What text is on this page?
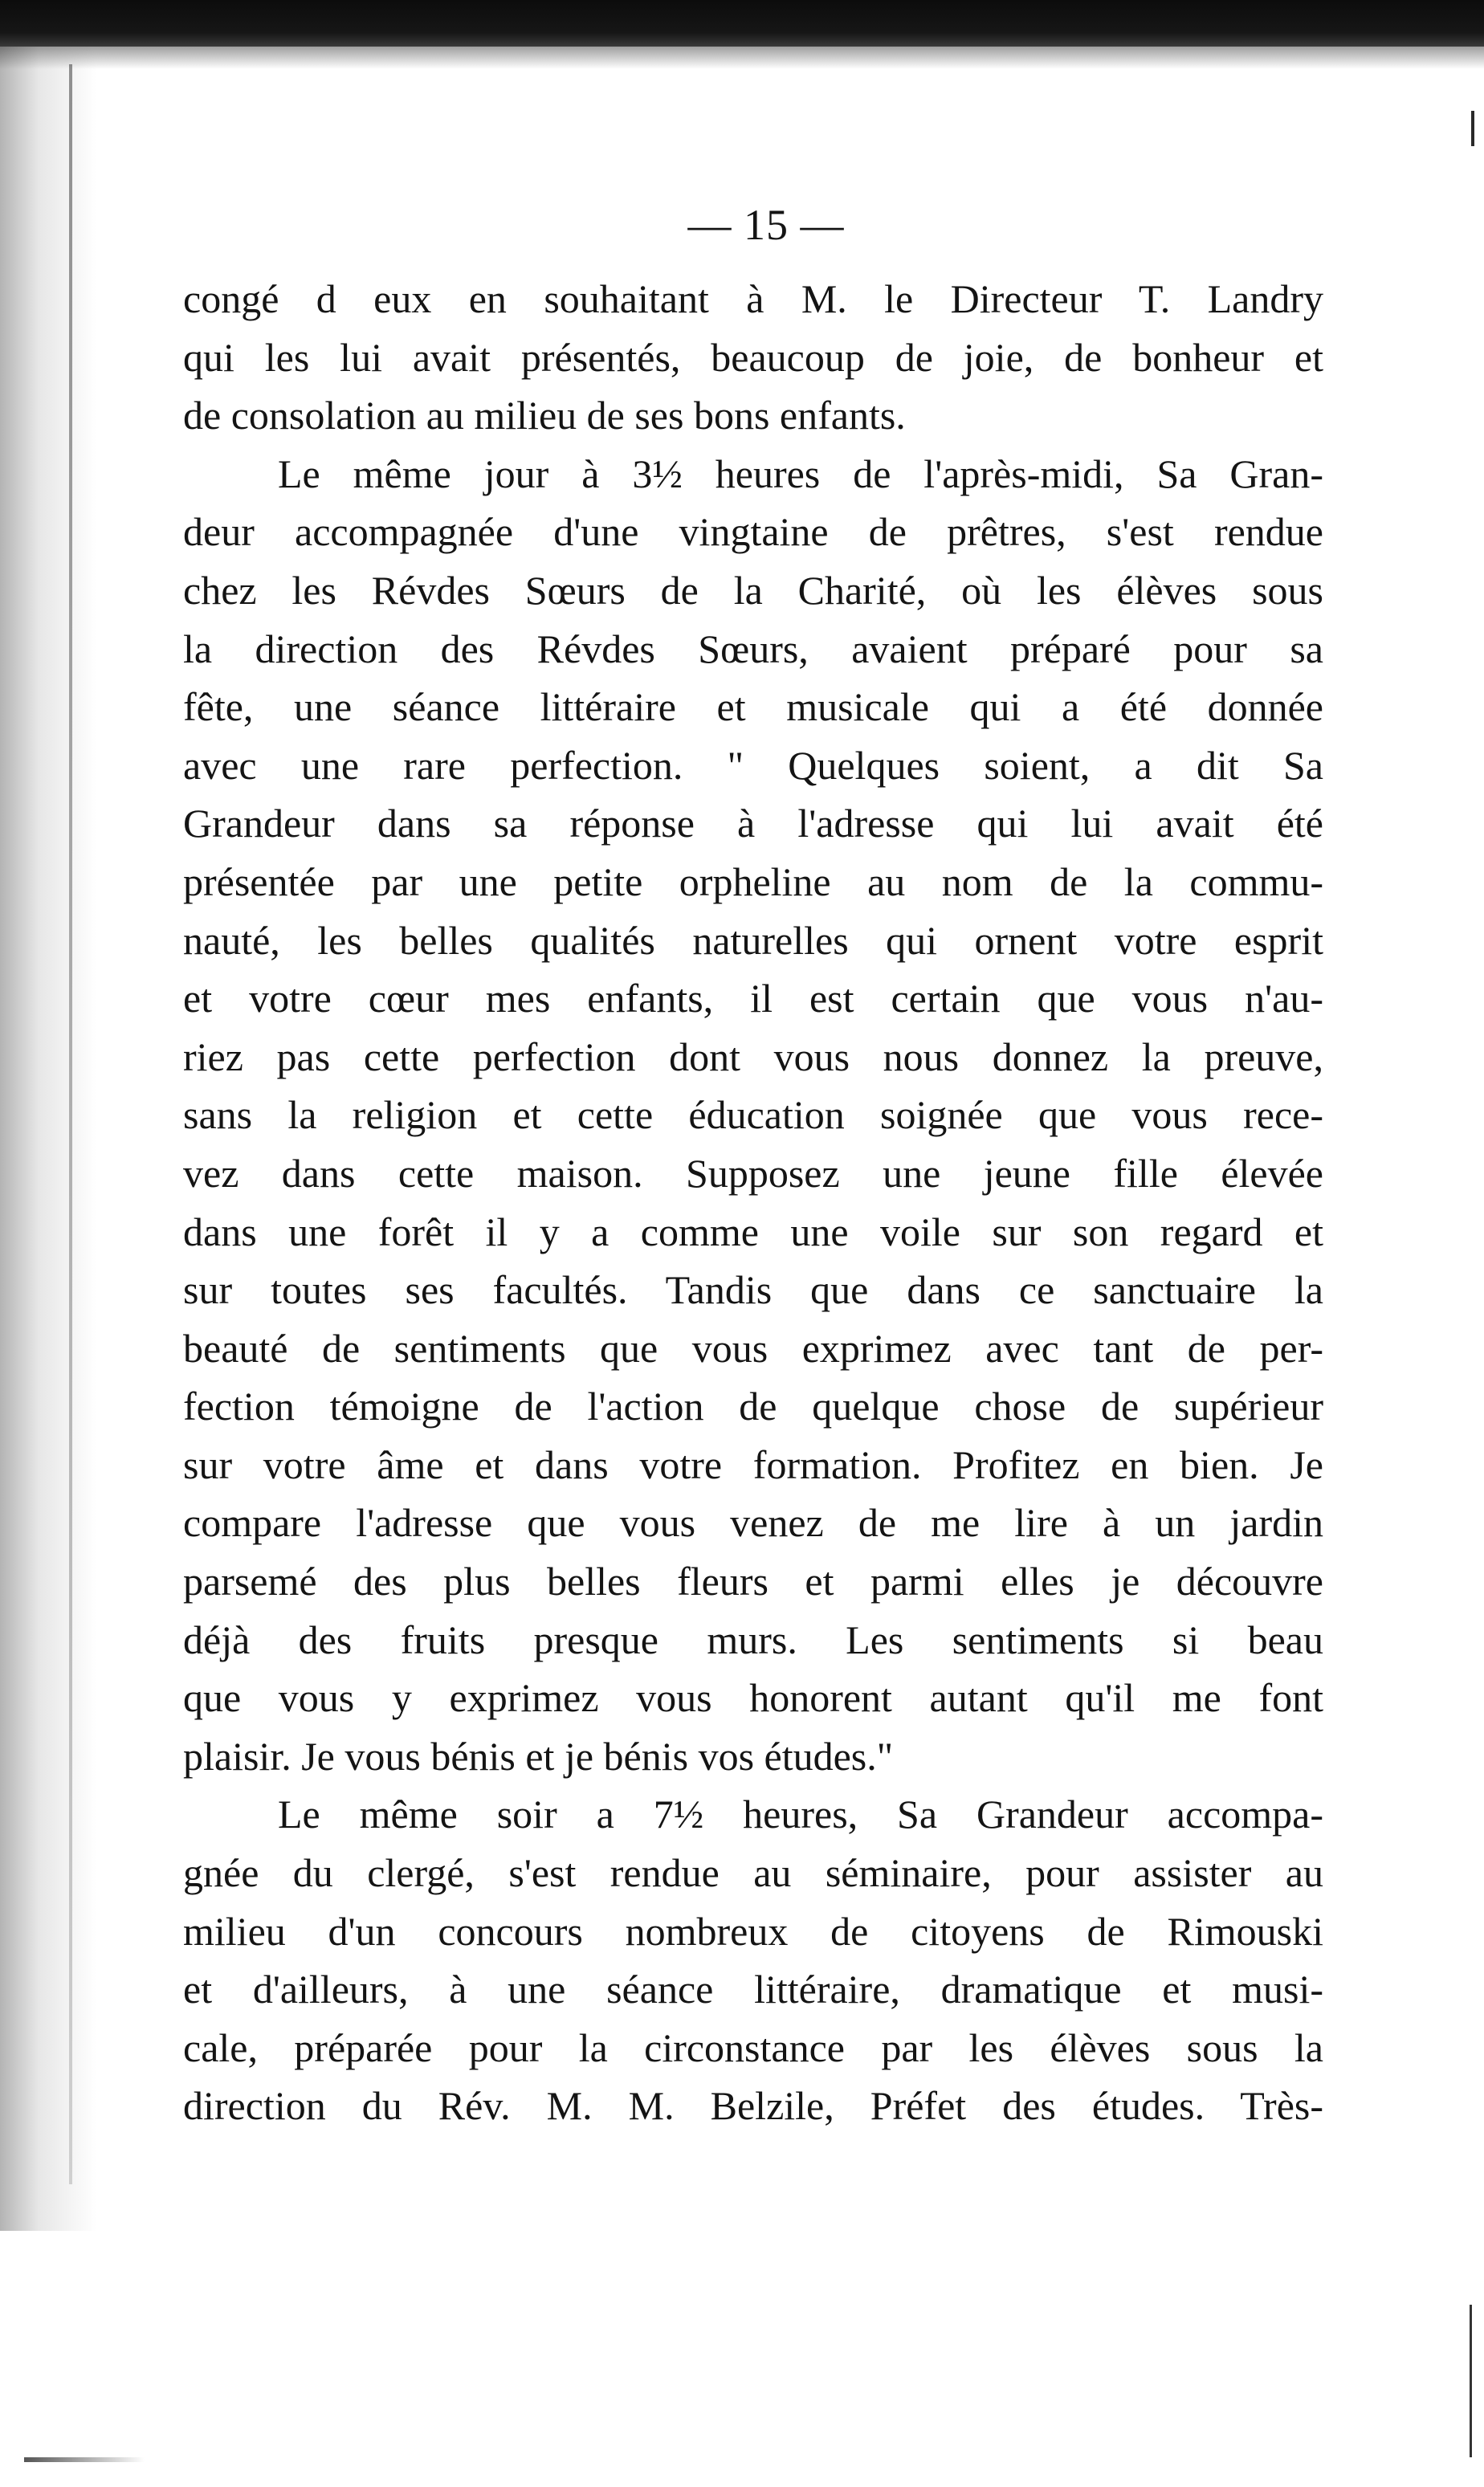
— 15 —
congé d eux en souhaitant à M. le Directeur T. Landry
qui les lui avait présentés, beaucoup de joie, de bonheur et
de consolation au milieu de ses bons enfants.
Le même jour à 3½ heures de l'après-midi, Sa Gran-
deur accompagnée d'une vingtaine de prêtres, s'est rendue
chez les Révdes Sœurs de la Charité, où les élèves sous
la direction des Révdes Sœurs, avaient préparé pour sa
fête, une séance littéraire et musicale qui a été donnée
avec une rare perfection. " Quelques soient, a dit Sa
Grandeur dans sa réponse à l'adresse qui lui avait été
présentée par une petite orpheline au nom de la commu-
nauté, les belles qualités naturelles qui ornent votre esprit
et votre cœur mes enfants, il est certain que vous n'au-
riez pas cette perfection dont vous nous donnez la preuve,
sans la religion et cette éducation soignée que vous rece-
vez dans cette maison. Supposez une jeune fille élevée
dans une forêt il y a comme une voile sur son regard et
sur toutes ses facultés. Tandis que dans ce sanctuaire la
beauté de sentiments que vous exprimez avec tant de per-
fection témoigne de l'action de quelque chose de supérieur
sur votre âme et dans votre formation. Profitez en bien. Je
compare l'adresse que vous venez de me lire à un jardin
parsemé des plus belles fleurs et parmi elles je découvre
déjà des fruits presque murs. Les sentiments si beau
que vous y exprimez vous honorent autant qu'il me font
plaisir. Je vous bénis et je bénis vos études."
Le même soir a 7½ heures, Sa Grandeur accompa-
gnée du clergé, s'est rendue au séminaire, pour assister au
milieu d'un concours nombreux de citoyens de Rimouski
et d'ailleurs, à une séance littéraire, dramatique et musi-
cale, préparée pour la circonstance par les élèves sous la
direction du Rév. M. M. Belzile, Préfet des études. Très-
